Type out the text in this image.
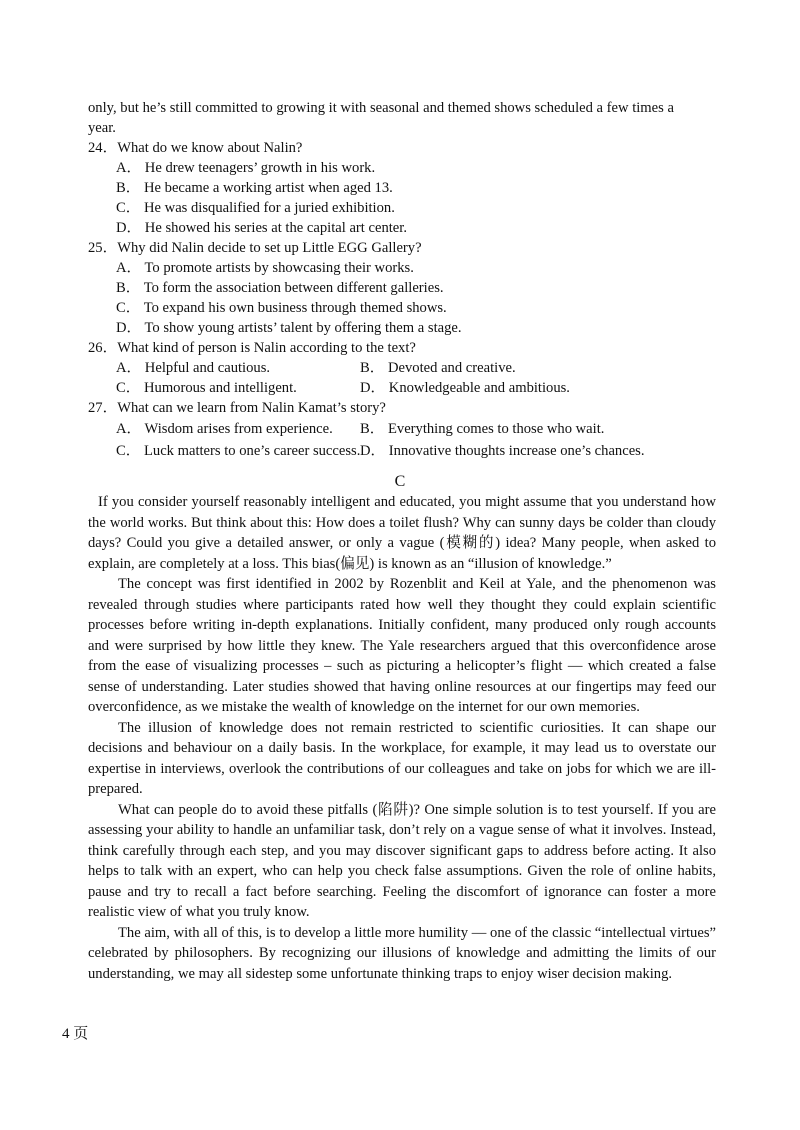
only, but he’s still committed to growing it with seasonal and themed shows scheduled a few times a
year.
24．What do we know about Nalin?
A． He drew teenagers’ growth in his work.
B． He became a working artist when aged 13.
C． He was disqualified for a juried exhibition.
D． He showed his series at the capital art center.
25．Why did Nalin decide to set up Little EGG Gallery?
A． To promote artists by showcasing their works.
B． To form the association between different galleries.
C． To expand his own business through themed shows.
D． To show young artists’ talent by offering them a stage.
26．What kind of person is Nalin according to the text?
A． Helpful and cautious.	B． Devoted and creative.
C． Humorous and intelligent.	D． Knowledgeable and ambitious.
27．What can we learn from Nalin Kamat’s story?
A． Wisdom arises from experience.	B． Everything comes to those who wait.
C． Luck matters to one’s career success. D． Innovative thoughts increase one’s chances.
C

If you consider yourself reasonably intelligent and educated, you might assume that you understand how the world works. But think about this: How does a toilet flush? Why can sunny days be colder than cloudy days? Could you give a detailed answer, or only a vague (模糊的) idea? Many people, when asked to explain, are completely at a loss. This bias(偏见) is known as an “illusion of knowledge.”

The concept was first identified in 2002 by Rozenblit and Keil at Yale, and the phenomenon was revealed through studies where participants rated how well they thought they could explain scientific processes before writing in-depth explanations. Initially confident, many produced only rough accounts and were surprised by how little they knew. The Yale researchers argued that this overconfidence arose from the ease of visualizing processes – such as picturing a helicopter’s flight — which created a false sense of understanding. Later studies showed that having online resources at our fingertips may feed our overconfidence, as we mistake the wealth of knowledge on the internet for our own memories.

The illusion of knowledge does not remain restricted to scientific curiosities. It can shape our decisions and behaviour on a daily basis. In the workplace, for example, it may lead us to overstate our expertise in interviews, overlook the contributions of our colleagues and take on jobs for which we are ill-prepared.

What can people do to avoid these pitfalls (陷阱)? One simple solution is to test yourself. If you are assessing your ability to handle an unfamiliar task, don’t rely on a vague sense of what it involves. Instead, think carefully through each step, and you may discover significant gaps to address before acting. It also helps to talk with an expert, who can help you check false assumptions. Given the role of online habits, pause and try to recall a fact before searching. Feeling the discomfort of ignorance can foster a more realistic view of what you truly know.

The aim, with all of this, is to develop a little more humility — one of the classic “intellectual virtues” celebrated by philosophers. By recognizing our illusions of knowledge and admitting the limits of our understanding, we may all sidestep some unfortunate thinking traps to enjoy wiser decision making.

4 页
